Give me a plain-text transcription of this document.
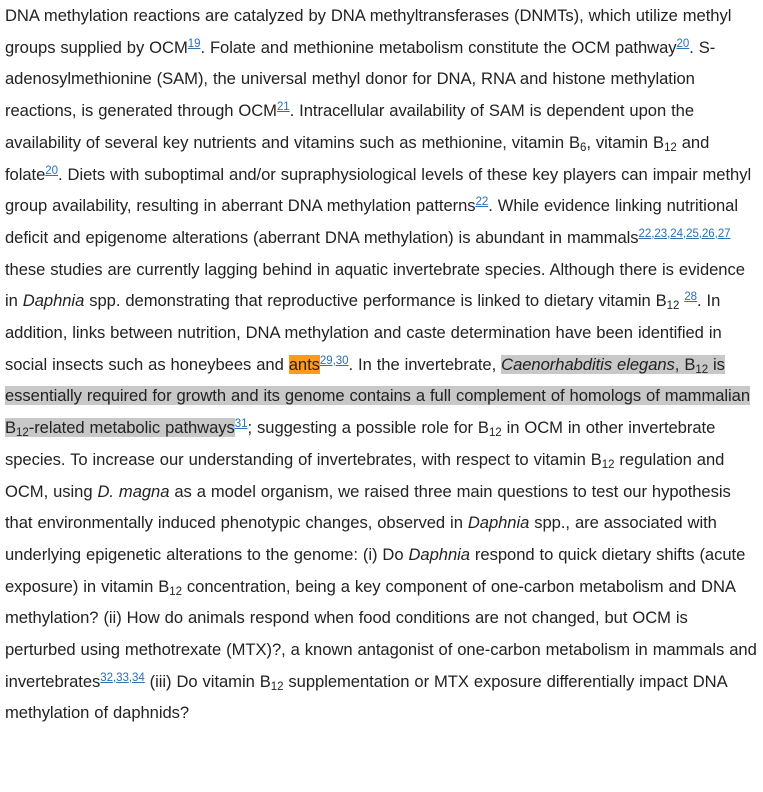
DNA methylation reactions are catalyzed by DNA methyltransferases (DNMTs), which utilize methyl groups supplied by OCM$^{19}$. Folate and methionine metabolism constitute the OCM pathway$^{20}$. S-adenosylmethionine (SAM), the universal methyl donor for DNA, RNA and histone methylation reactions, is generated through OCM$^{21}$. Intracellular availability of SAM is dependent upon the availability of several key nutrients and vitamins such as methionine, vitamin $B_6$, vitamin $B_{12}$ and folate$^{20}$. Diets with suboptimal and/or supraphysiological levels of these key players can impair methyl group availability, resulting in aberrant DNA methylation patterns$^{22}$. While evidence linking nutritional deficit and epigenome alterations (aberrant DNA methylation) is abundant in mammals$^{22,23,24,25,26,27}$ these studies are currently lagging behind in aquatic invertebrate species. Although there is evidence in Daphnia spp. demonstrating that reproductive performance is linked to dietary vitamin $B_{12}$ $^{28}$. In addition, links between nutrition, DNA methylation and caste determination have been identified in social insects such as honeybees and ants$^{29,30}$. In the invertebrate, Caenorhabditis elegans, $B_{12}$ is essentially required for growth and its genome contains a full complement of homologs of mammalian $B_{12}$-related metabolic pathways$^{31}$; suggesting a possible role for $B_{12}$ in OCM in other invertebrate species. To increase our understanding of invertebrates, with respect to vitamin $B_{12}$ regulation and OCM, using D. magna as a model organism, we raised three main questions to test our hypothesis that environmentally induced phenotypic changes, observed in Daphnia spp., are associated with underlying epigenetic alterations to the genome: (i) Do Daphnia respond to quick dietary shifts (acute exposure) in vitamin $B_{12}$ concentration, being a key component of one-carbon metabolism and DNA methylation? (ii) How do animals respond when food conditions are not changed, but OCM is perturbed using methotrexate (MTX)?, a known antagonist of one-carbon metabolism in mammals and invertebrates$^{32,33,34}$ (iii) Do vitamin $B_{12}$ supplementation or MTX exposure differentially impact DNA methylation of daphnids?
